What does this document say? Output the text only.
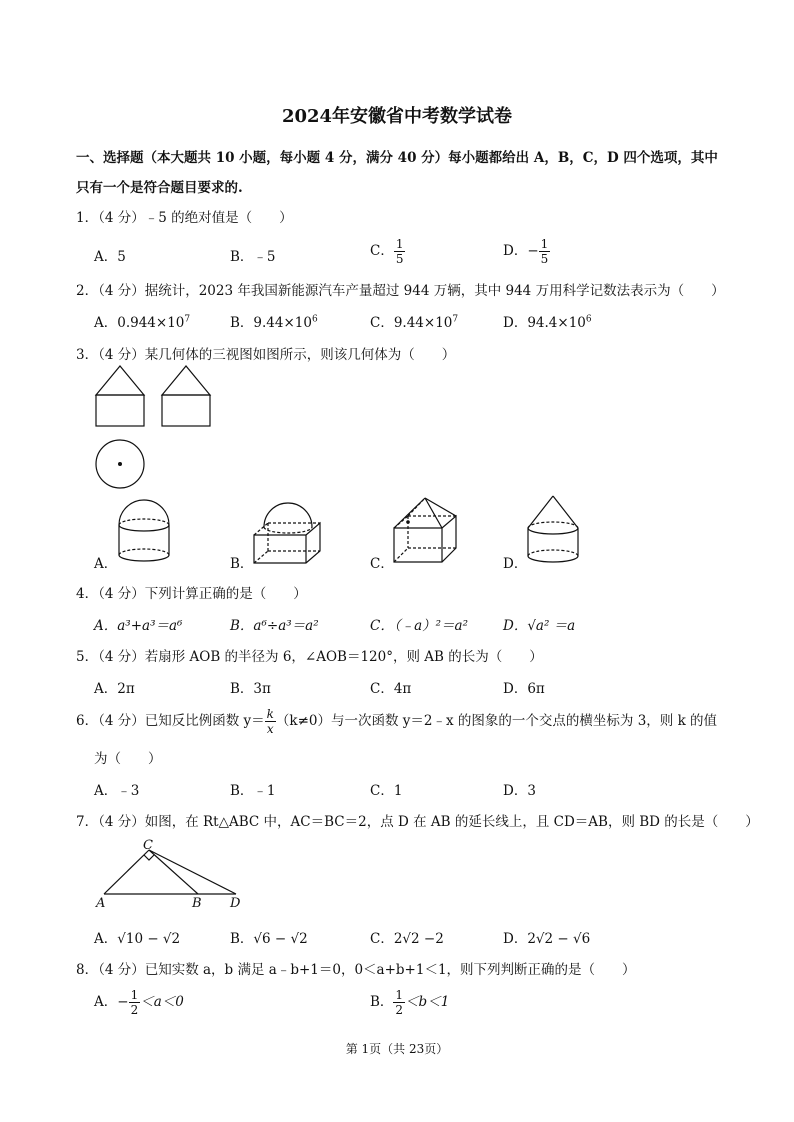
2024年安徽省中考数学试卷
一、选择题（本大题共 10 小题，每小题 4 分，满分 40 分）每小题都给出 A，B，C，D 四个选项，其中
只有一个是符合题目要求的.
1．（4 分）﹣5 的绝对值是（　　）
A．5	B．﹣5	C． $\frac{1}{5}$	D．− $\frac{1}{5}$
2．（4 分）据统计，2023 年我国新能源汽车产量超过 944 万辆，其中 944 万用科学记数法表示为（　　）
A．$0.944\times 10^7$	B．$9.44\times 10^6$	C．$9.44\times 10^7$	D．$94.4\times 10^6$
3．（4 分）某几何体的三视图如图所示，则该几何体为（　　）
A．	B．	C．	D．
4．（4 分）下列计算正确的是（　　）
A．a³+a³＝a⁶	B．a⁶÷a³＝a²	C．（﹣a）²＝a²	D．√a² ＝a
5．（4 分）若扇形 AOB 的半径为 6，∠AOB＝120°，则 AB 的长为（　　）
A．2π	B．3π	C．4π	D．6π
6．（4 分）已知反比例函数 $y= \frac{k}{x} (k\ne 0)$与一次函数 y＝2﹣x 的图象的一个交点的横坐标为 3，则 k 的值
为（　　）
A．﹣3	B．﹣1	C．1	D．3
7．（4 分）如图，在 Rt△ABC 中，AC＝BC＝2，点 D 在 AB 的延长线上，且 CD＝AB，则 BD 的长是（　　）
C
A	B D
A．√10 − √2	B．√6 − √2	C．2√2 −2	D．2√2 − √6
8．（4 分）已知实数 a，b 满足 a﹣b+1＝0，0＜a+b+1＜1，则下列判断正确的是（　　）
A．− $\frac{1}{2} <a<0$	B． $\frac{1}{2} <b<1$
第 1页（共 23页）
